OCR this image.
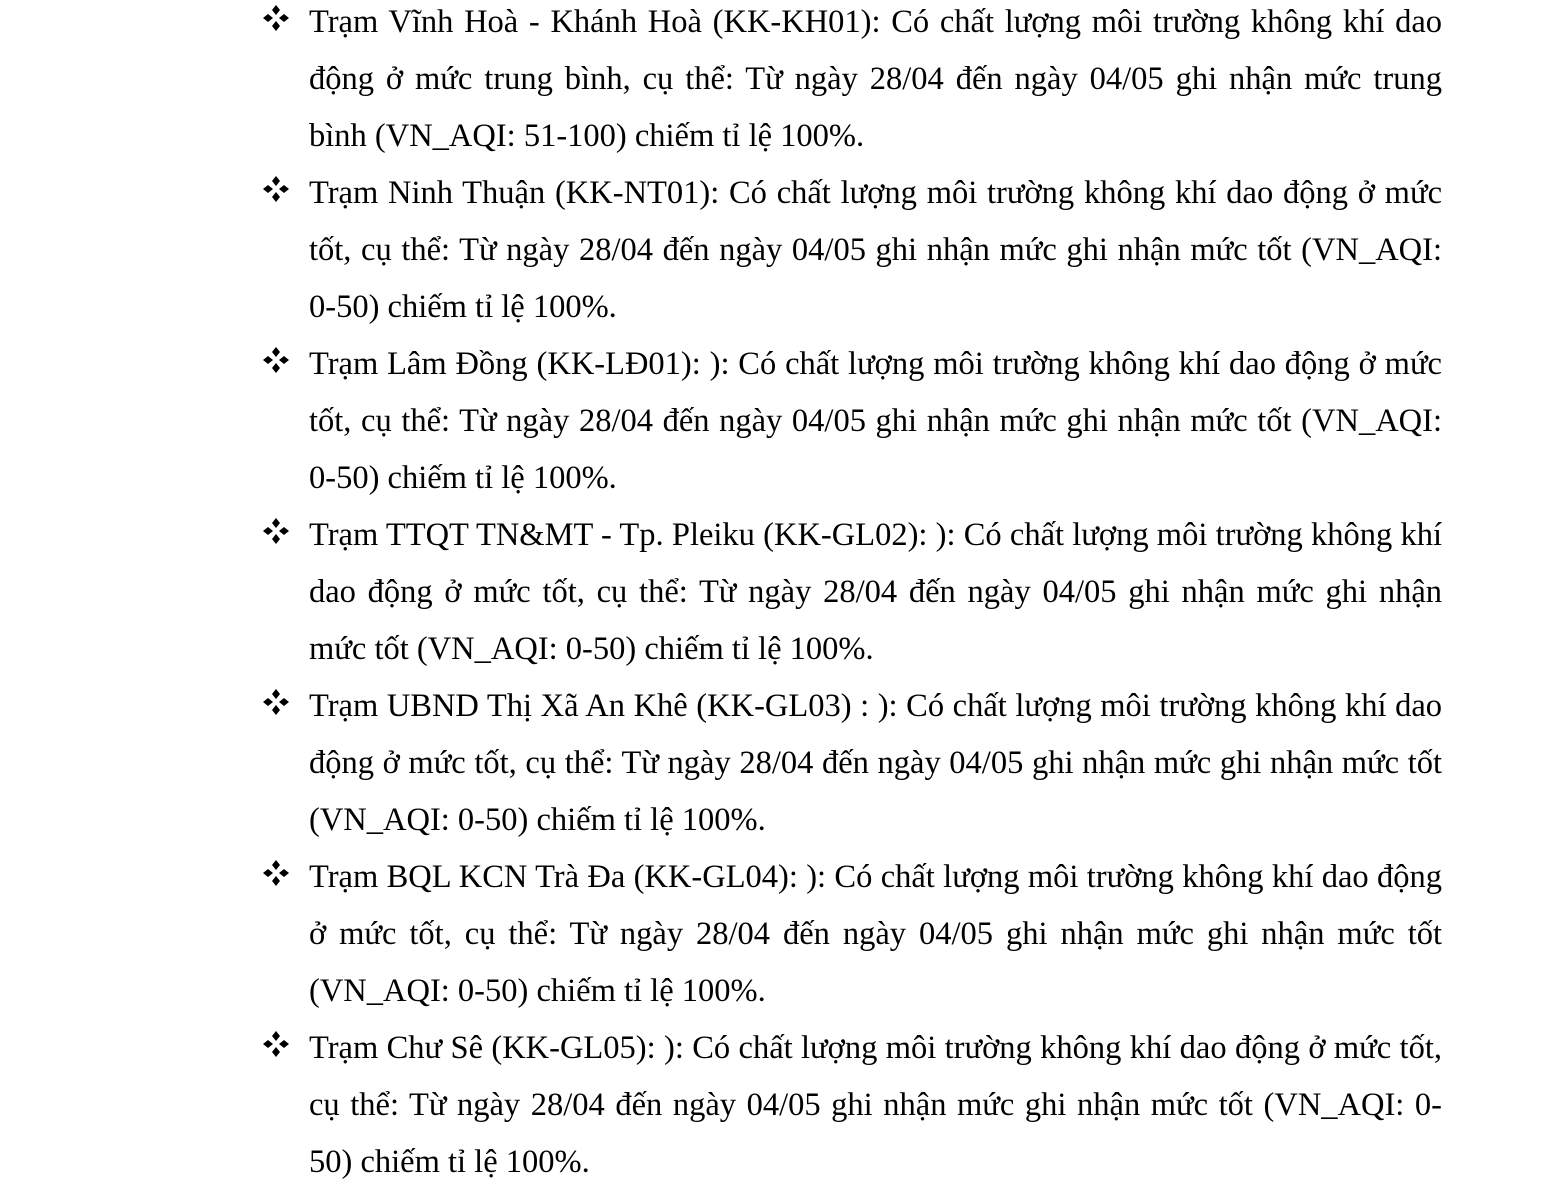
Trạm Vĩnh Hoà - Khánh Hoà (KK-KH01): Có chất lượng môi trường không khí dao động ở mức trung bình, cụ thể: Từ ngày 28/04 đến ngày 04/05 ghi nhận mức trung bình (VN_AQI: 51-100) chiếm tỉ lệ 100%.
Trạm Ninh Thuận (KK-NT01): Có chất lượng môi trường không khí dao động ở mức tốt, cụ thể: Từ ngày 28/04 đến ngày 04/05 ghi nhận mức ghi nhận mức tốt (VN_AQI: 0-50) chiếm tỉ lệ 100%.
Trạm Lâm Đồng (KK-LĐ01): ): Có chất lượng môi trường không khí dao động ở mức tốt, cụ thể: Từ ngày 28/04 đến ngày 04/05 ghi nhận mức ghi nhận mức tốt (VN_AQI: 0-50) chiếm tỉ lệ 100%.
Trạm TTQT TN&MT - Tp. Pleiku (KK-GL02): ): Có chất lượng môi trường không khí dao động ở mức tốt, cụ thể: Từ ngày 28/04 đến ngày 04/05 ghi nhận mức ghi nhận mức tốt (VN_AQI: 0-50) chiếm tỉ lệ 100%.
Trạm UBND Thị Xã An Khê (KK-GL03) : ): Có chất lượng môi trường không khí dao động ở mức tốt, cụ thể: Từ ngày 28/04 đến ngày 04/05 ghi nhận mức ghi nhận mức tốt (VN_AQI: 0-50) chiếm tỉ lệ 100%.
Trạm BQL KCN Trà Đa (KK-GL04): ): Có chất lượng môi trường không khí dao động ở mức tốt, cụ thể: Từ ngày 28/04 đến ngày 04/05 ghi nhận mức ghi nhận mức tốt (VN_AQI: 0-50) chiếm tỉ lệ 100%.
Trạm Chư Sê (KK-GL05): ): Có chất lượng môi trường không khí dao động ở mức tốt, cụ thể: Từ ngày 28/04 đến ngày 04/05 ghi nhận mức ghi nhận mức tốt (VN_AQI: 0-50) chiếm tỉ lệ 100%.
